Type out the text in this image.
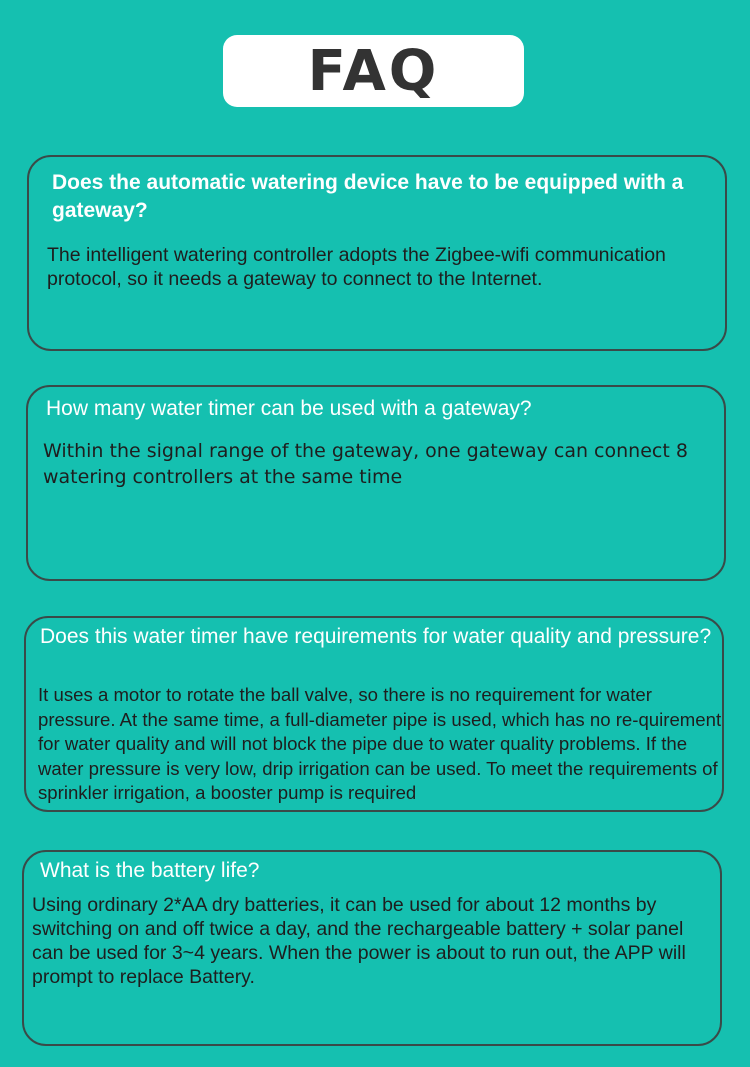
FAQ
Does the automatic watering device have to be equipped with a gateway?
The intelligent watering controller adopts the Zigbee-wifi communication protocol, so it needs a gateway to connect to the Internet.
How many water timer can be used with a gateway?
Within the signal range of the gateway, one gateway can connect 8 watering controllers at the same time
Does this water timer have requirements for water quality and pressure?
It uses a motor to rotate the ball valve, so there is no requirement for water pressure. At the same time, a full-diameter pipe is used, which has no re-quirement for water quality and will not block the pipe due to water quality problems. If the water pressure is very low, drip irrigation can be used. To meet the requirements of sprinkler irrigation, a booster pump is required
What is the battery life?
Using ordinary 2*AA dry batteries, it can be used for about 12 months by switching on and off twice a day, and the rechargeable battery + solar panel can be used for 3~4 years. When the power is about to run out, the APP will prompt to replace Battery.
